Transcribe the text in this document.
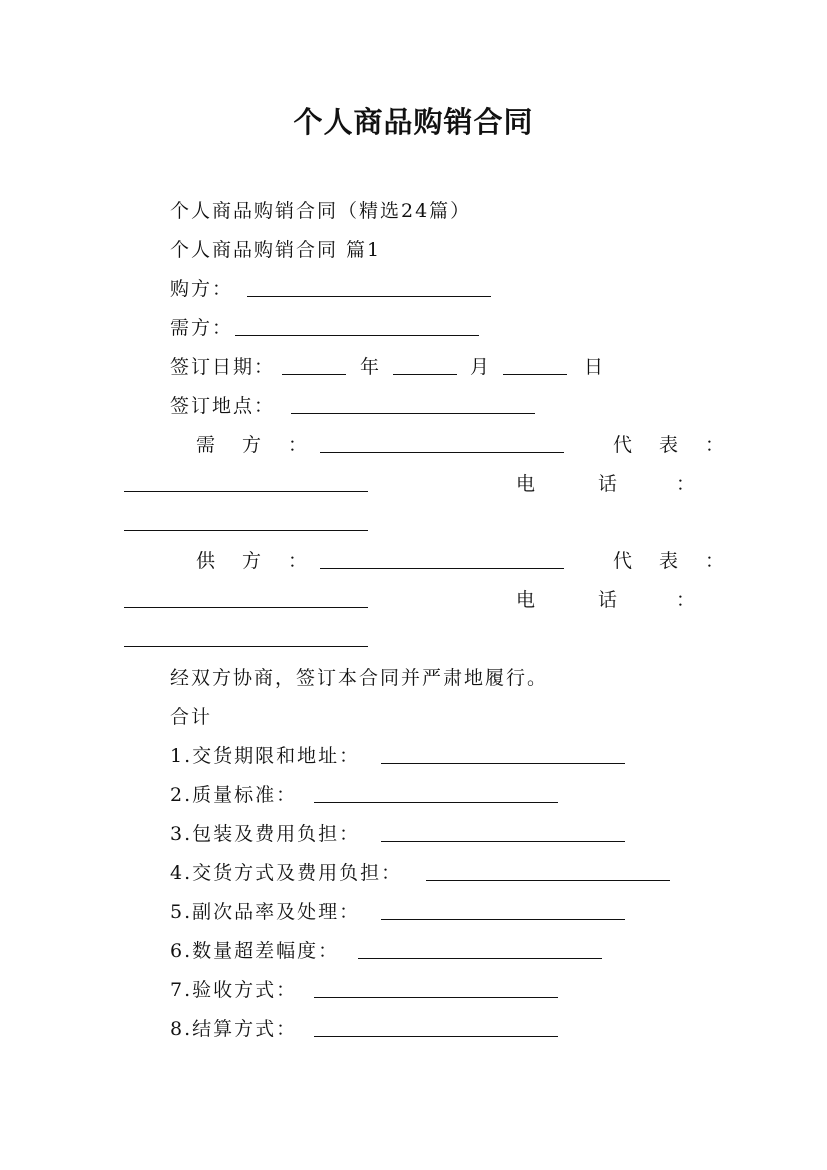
个人商品购销合同
个人商品购销合同（精选24篇）
个人商品购销合同 篇1
购方：
需方：
签订日期：	年	月	日
签订地点：
需　方　：	代　表　：
电	话	：
供　方　：	代　表　：
电	话	：
经双方协商，签订本合同并严肃地履行。
合计
1.交货期限和地址：
2.质量标准：
3.包装及费用负担：
4.交货方式及费用负担：
5.副次品率及处理：
6.数量超差幅度：
7.验收方式：
8.结算方式：
